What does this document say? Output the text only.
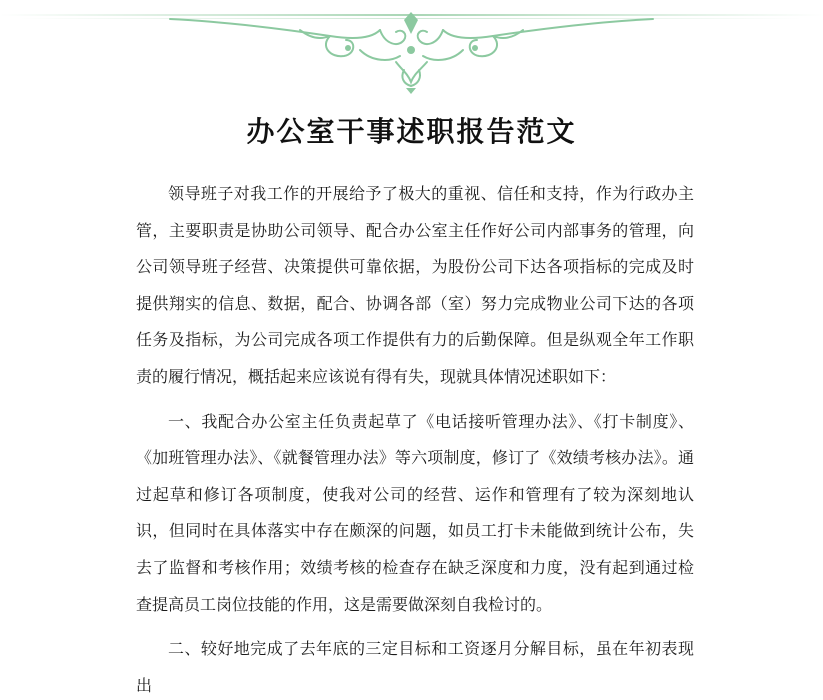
办公室干事述职报告范文

领导班子对我工作的开展给予了极大的重视、信任和支持，作为行政办主管，主要职责是协助公司领导、配合办公室主任作好公司内部事务的管理，向公司领导班子经营、决策提供可靠依据，为股份公司下达各项指标的完成及时提供翔实的信息、数据，配合、协调各部（室）努力完成物业公司下达的各项任务及指标，为公司完成各项工作提供有力的后勤保障。但是纵观全年工作职责的履行情况，概括起来应该说有得有失，现就具体情况述职如下：

一、我配合办公室主任负责起草了《电话接听管理办法》、《打卡制度》、《加班管理办法》、《就餐管理办法》等六项制度，修订了《效绩考核办法》。通过起草和修订各项制度，使我对公司的经营、运作和管理有了较为深刻地认识，但同时在具体落实中存在颇深的问题，如员工打卡未能做到统计公布，失去了监督和考核作用；效绩考核的检查存在缺乏深度和力度，没有起到通过检查提高员工岗位技能的作用，这是需要做深刻自我检讨的。

二、较好地完成了去年底的三定目标和工资逐月分解目标，虽在年初表现出
